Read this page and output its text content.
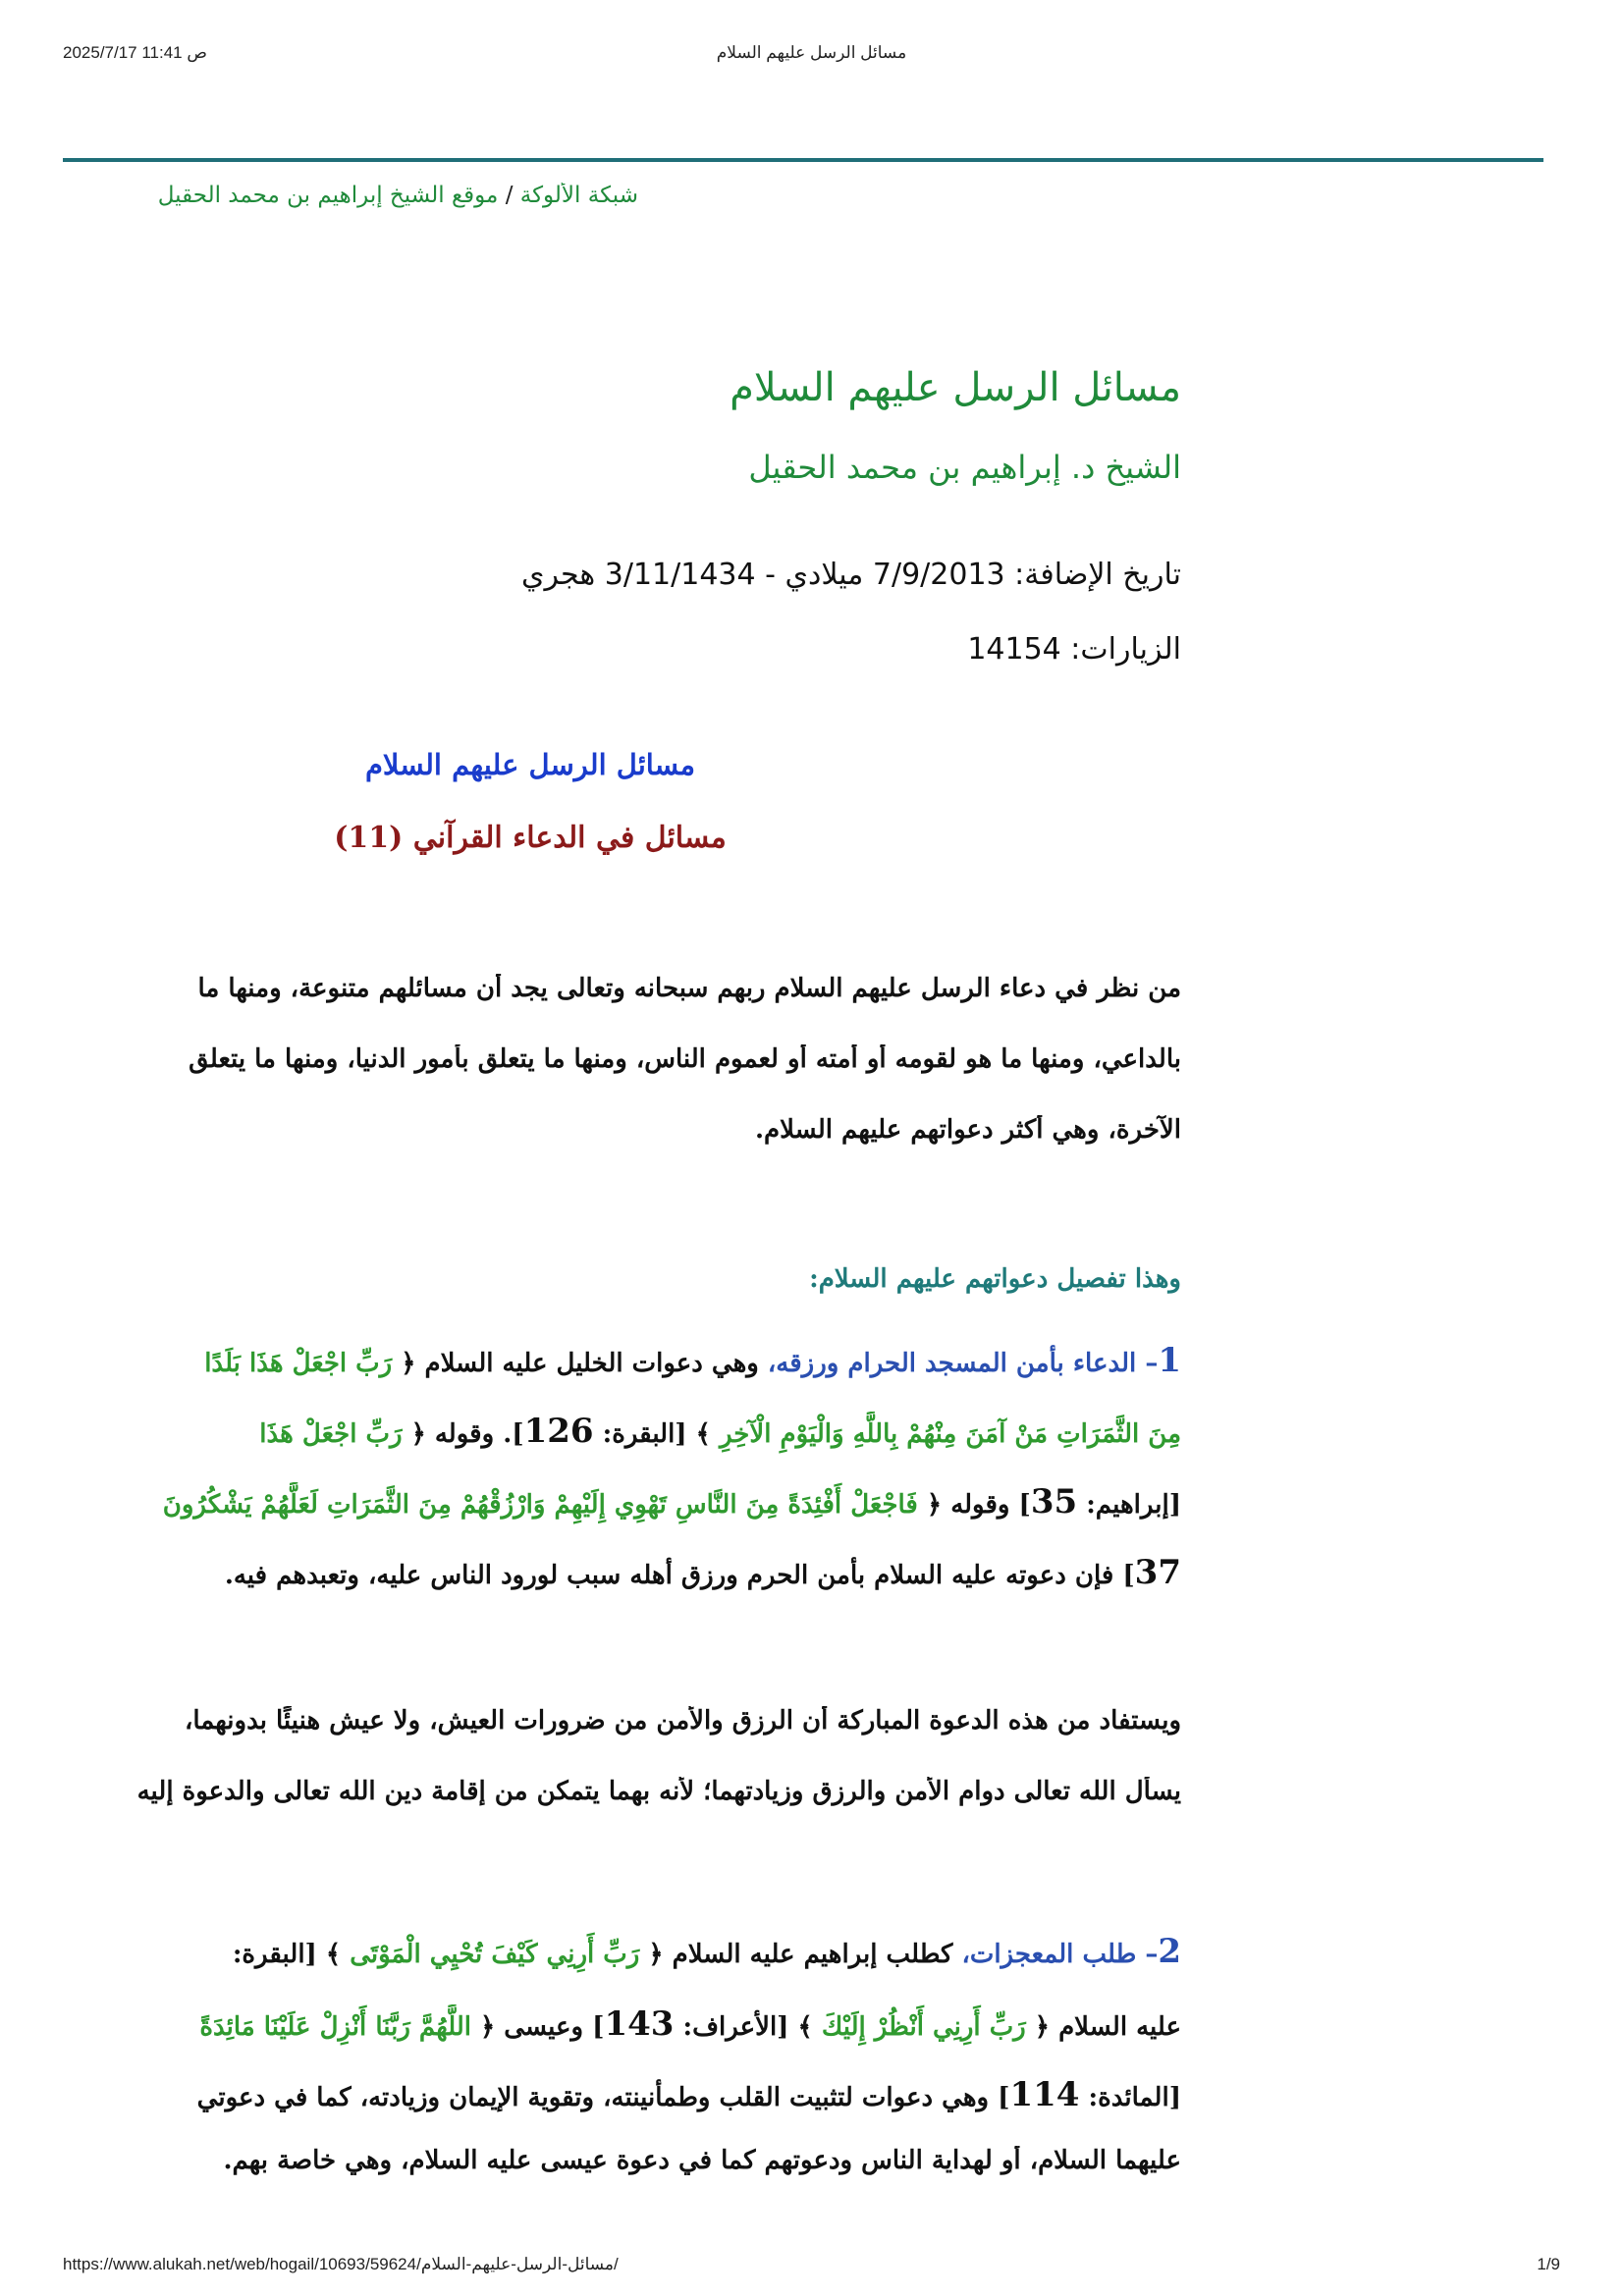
2025/7/17 11:41 ص	مسائل الرسل عليهم السلام
شبكة الألوكة / موقع الشيخ إبراهيم بن محمد الحقيل
مسائل الرسل عليهم السلام
الشيخ د. إبراهيم بن محمد الحقيل
تاريخ الإضافة: 7/9/2013 ميلادي - 3/11/1434 هجري
الزيارات: 14154
مسائل الرسل عليهم السلام
مسائل في الدعاء القرآني (11)
من نظر في دعاء الرسل عليهم السلام ربهم سبحانه وتعالى يجد أن مسائلهم متنوعة، ومنها ما
بالداعي، ومنها ما هو لقومه أو أمته أو لعموم الناس، ومنها ما يتعلق بأمور الدنيا، ومنها ما يتعلق
الآخرة، وهي أكثر دعواتهم عليهم السلام.
وهذا تفصيل دعواتهم عليهم السلام:
1– الدعاء بأمن المسجد الحرام ورزقه، وهي دعوات الخليل عليه السلام ﴿ رَبِّ اجْعَلْ هَذَا بَلَدًا
مِنَ الثَّمَرَاتِ مَنْ آمَنَ مِنْهُمْ بِاللَّهِ وَالْيَوْمِ الْآخِرِ ﴾ [البقرة: 126]. وقوله ﴿ رَبِّ اجْعَلْ هَذَا
[إبراهيم: 35] وقوله ﴿ فَاجْعَلْ أَفْئِدَةً مِنَ النَّاسِ تَهْوِي إِلَيْهِمْ وَارْزُقْهُمْ مِنَ الثَّمَرَاتِ لَعَلَّهُمْ يَشْكُرُونَ
37] فإن دعوته عليه السلام بأمن الحرم ورزق أهله سبب لورود الناس عليه، وتعبدهم فيه.
ويستفاد من هذه الدعوة المباركة أن الرزق والأمن من ضرورات العيش، ولا عيش هنيئًا بدونهما،
يسأل الله تعالى دوام الأمن والرزق وزيادتهما؛ لأنه بهما يتمكن من إقامة دين الله تعالى والدعوة إليه
2– طلب المعجزات، كطلب إبراهيم عليه السلام ﴿ رَبِّ أَرِنِي كَيْفَ تُحْيِي الْمَوْتَى ﴾ [البقرة:
عليه السلام ﴿ رَبِّ أَرِنِي أَنْظُرْ إِلَيْكَ ﴾ [الأعراف: 143] وعيسى ﴿ اللَّهُمَّ رَبَّنَا أَنْزِلْ عَلَيْنَا مَائِدَةً
[المائدة: 114] وهي دعوات لتثبيت القلب وطمأنينته، وتقوية الإيمان وزيادته، كما في دعوتي
عليهما السلام، أو لهداية الناس ودعوتهم كما في دعوة عيسى عليه السلام، وهي خاصة بهم.
https://www.alukah.net/web/hogail/10693/59624/مسائل-الرسل-عليهم-السلام/	1/9
